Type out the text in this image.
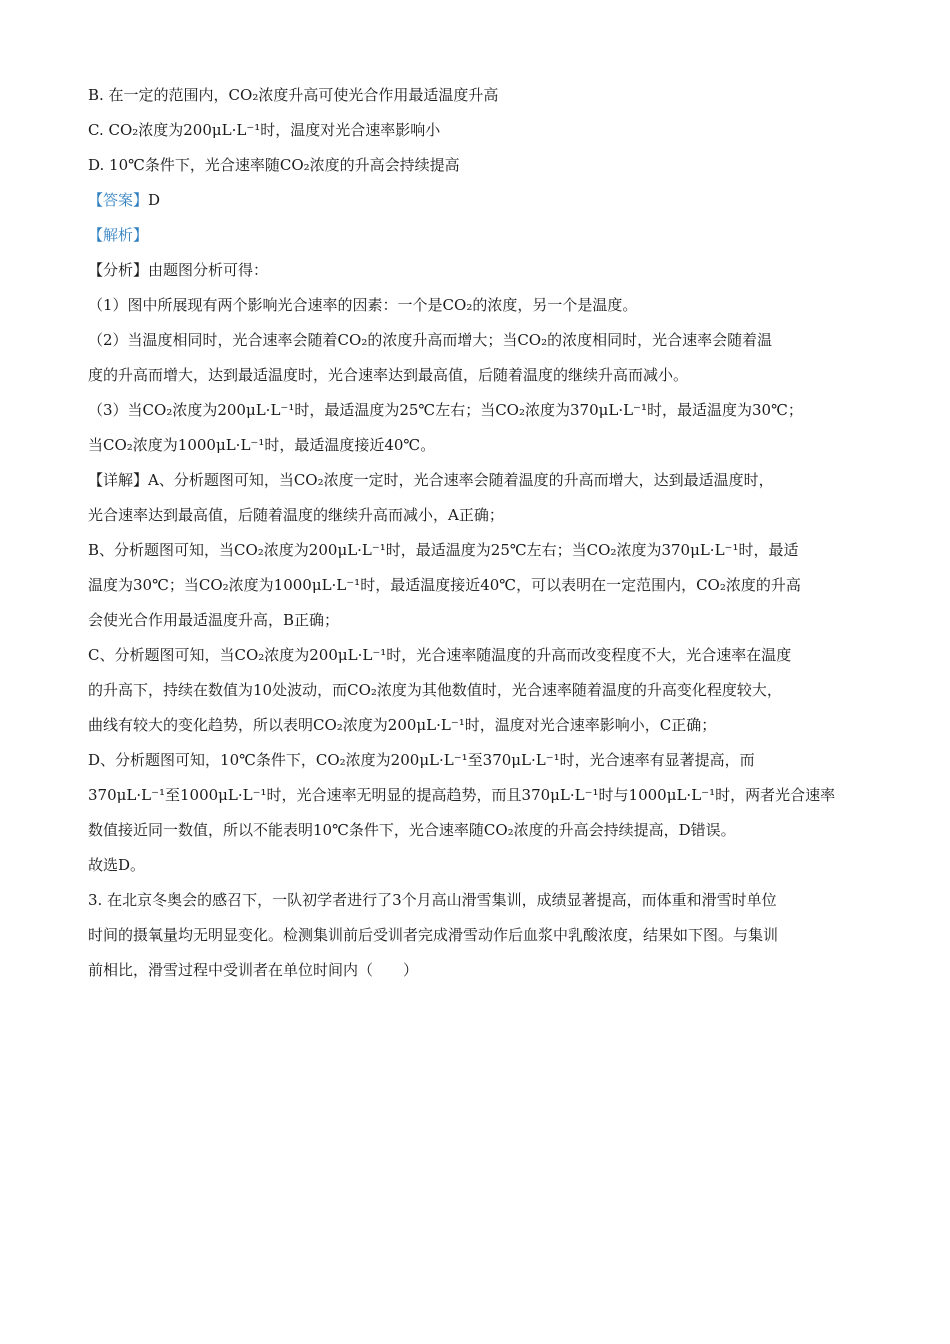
B. 在一定的范围内，CO₂浓度升高可使光合作用最适温度升高
C. CO₂浓度为200μL·L⁻¹时，温度对光合速率影响小
D. 10℃条件下，光合速率随CO₂浓度的升高会持续提高
【答案】D
【解析】
【分析】由题图分析可得：
（1）图中所展现有两个影响光合速率的因素：一个是CO₂的浓度，另一个是温度。
（2）当温度相同时，光合速率会随着CO₂的浓度升高而增大；当CO₂的浓度相同时，光合速率会随着温
度的升高而增大，达到最适温度时，光合速率达到最高值，后随着温度的继续升高而减小。
（3）当CO₂浓度为200μL·L⁻¹时，最适温度为25℃左右；当CO₂浓度为370μL·L⁻¹时，最适温度为30℃；
当CO₂浓度为1000μL·L⁻¹时，最适温度接近40℃。
【详解】A、分析题图可知，当CO₂浓度一定时，光合速率会随着温度的升高而增大，达到最适温度时，
光合速率达到最高值，后随着温度的继续升高而减小，A正确；
B、分析题图可知，当CO₂浓度为200μL·L⁻¹时，最适温度为25℃左右；当CO₂浓度为370μL·L⁻¹时，最适
温度为30℃；当CO₂浓度为1000μL·L⁻¹时，最适温度接近40℃，可以表明在一定范围内，CO₂浓度的升高
会使光合作用最适温度升高，B正确；
C、分析题图可知，当CO₂浓度为200μL·L⁻¹时，光合速率随温度的升高而改变程度不大，光合速率在温度
的升高下，持续在数值为10处波动，而CO₂浓度为其他数值时，光合速率随着温度的升高变化程度较大，
曲线有较大的变化趋势，所以表明CO₂浓度为200μL·L⁻¹时，温度对光合速率影响小，C正确；
D、分析题图可知，10℃条件下，CO₂浓度为200μL·L⁻¹至370μL·L⁻¹时，光合速率有显著提高，而
370μL·L⁻¹至1000μL·L⁻¹时，光合速率无明显的提高趋势，而且370μL·L⁻¹时与1000μL·L⁻¹时，两者光合速率
数值接近同一数值，所以不能表明10℃条件下，光合速率随CO₂浓度的升高会持续提高，D错误。
故选D。
3. 在北京冬奥会的感召下，一队初学者进行了3个月高山滑雪集训，成绩显著提高，而体重和滑雪时单位
时间的摄氧量均无明显变化。检测集训前后受训者完成滑雪动作后血浆中乳酸浓度，结果如下图。与集训
前相比，滑雪过程中受训者在单位时间内（　　）
